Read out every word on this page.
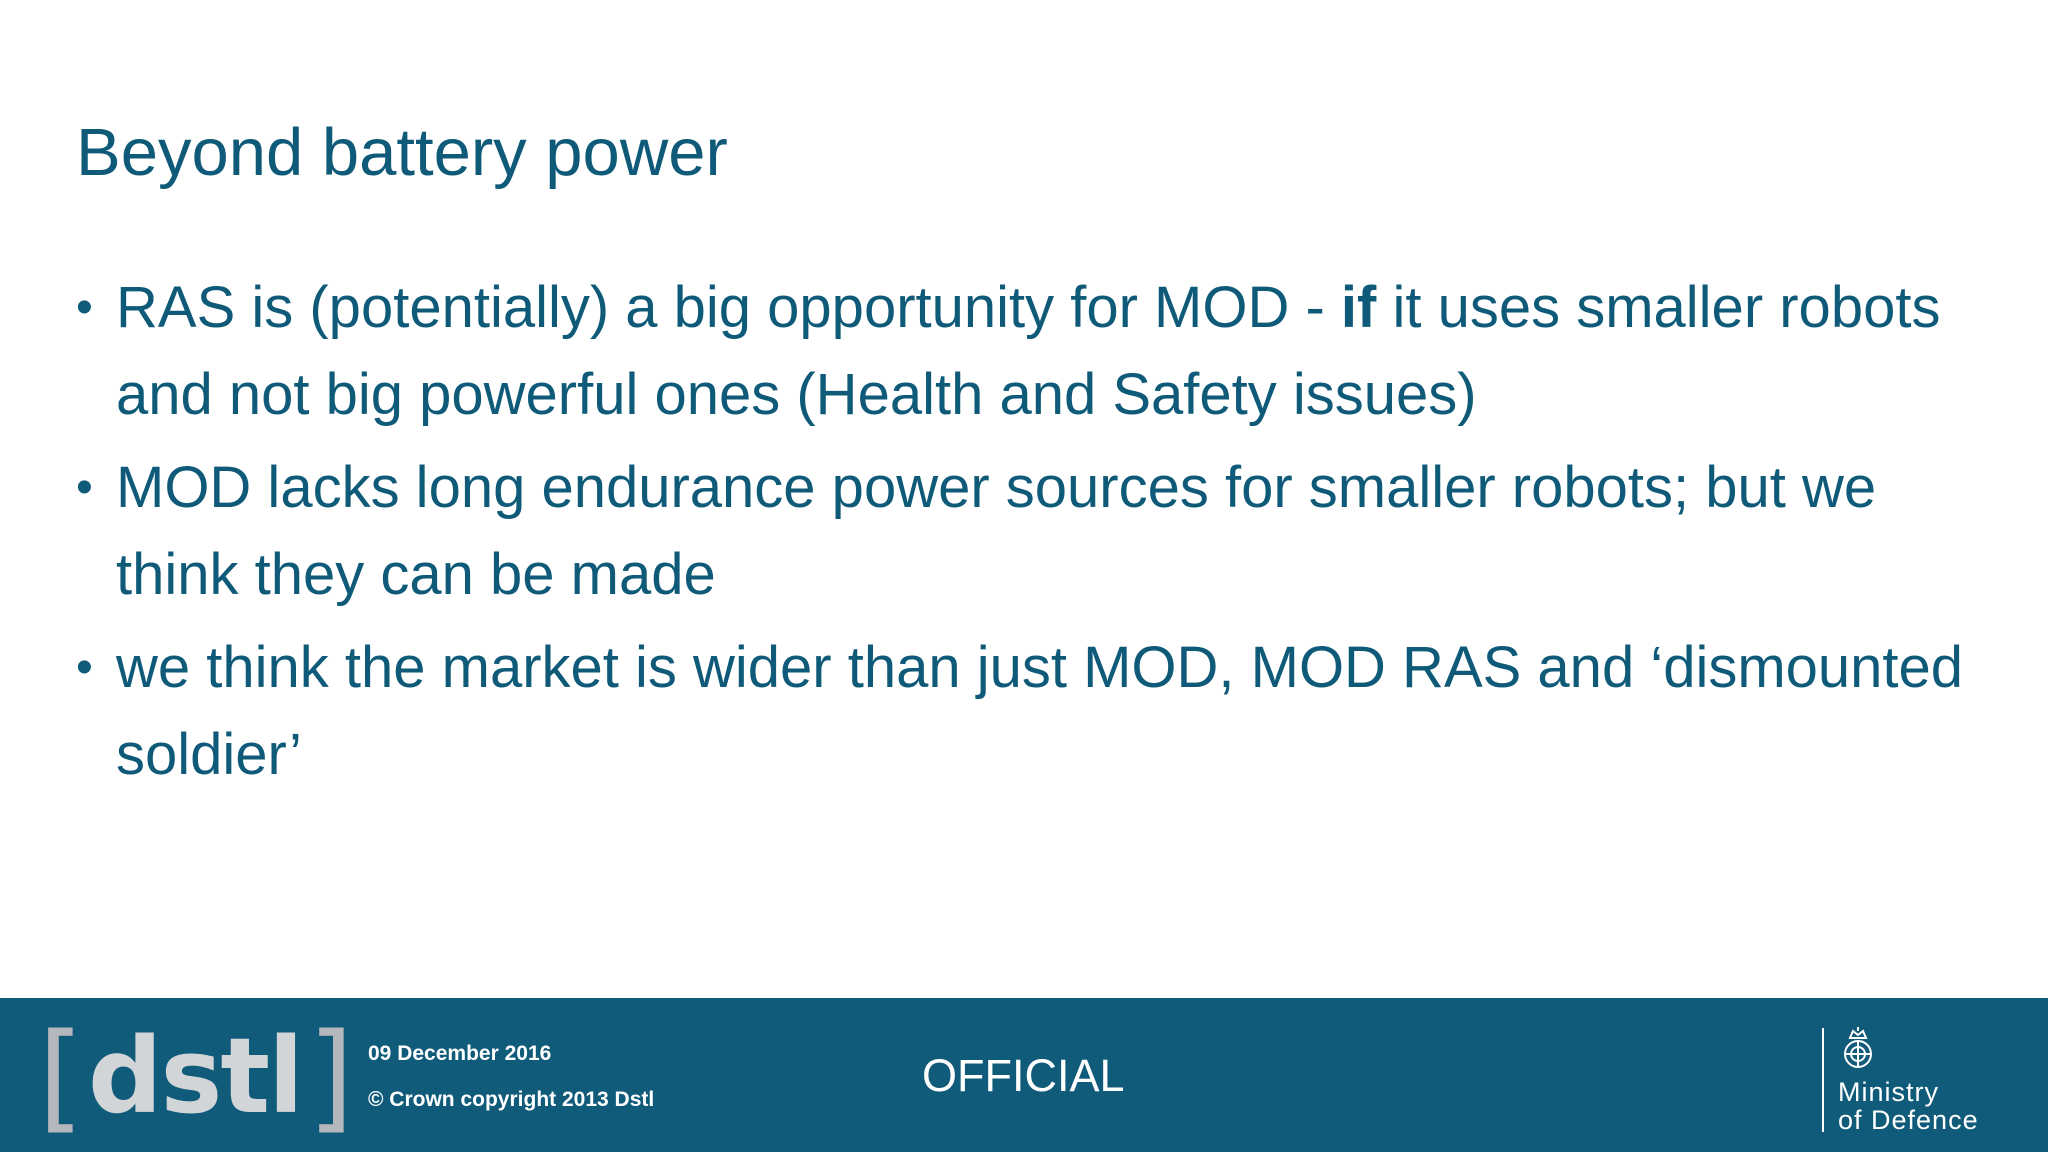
Beyond battery power
• RAS is (potentially) a big opportunity for MOD - if it uses smaller robots and not big powerful ones (Health and Safety issues)
• MOD lacks long endurance power sources for smaller robots; but we think they can be made
• we think the market is wider than just MOD, MOD RAS and ‘dismounted soldier’
[ dstl ] 09 December 2016
© Crown copyright 2013 Dstl	OFFICIAL	Ministry
of Defence
